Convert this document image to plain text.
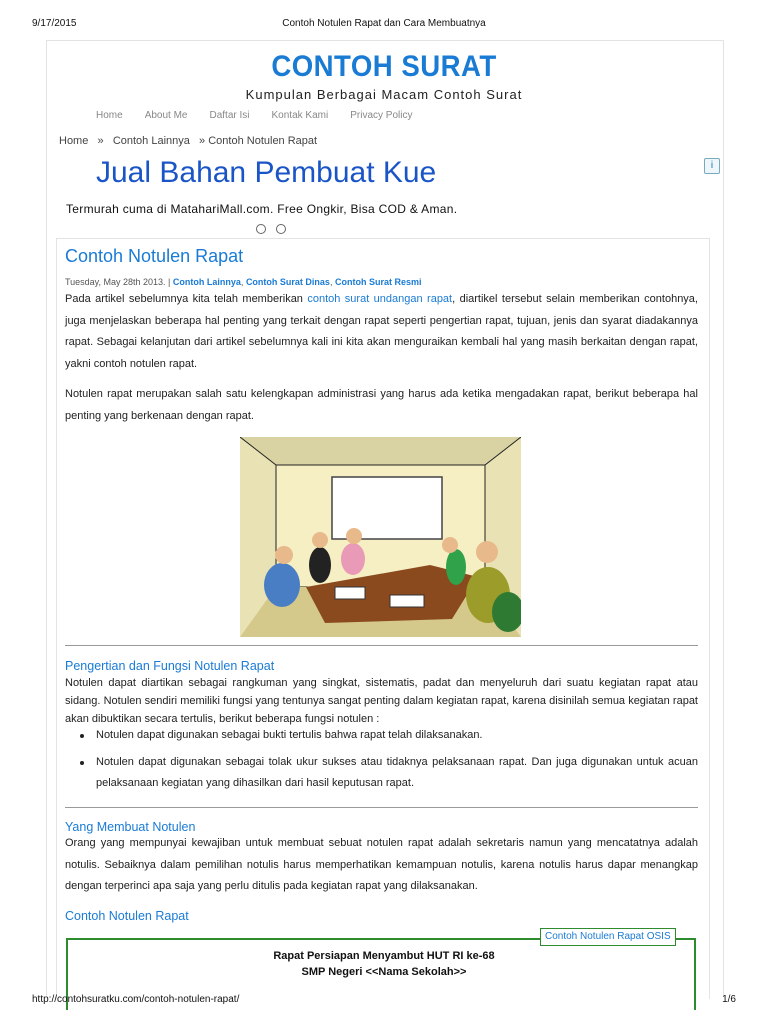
9/17/2015	Contoh Notulen Rapat dan Cara Membuatnya
CONTOH SURAT
Kumpulan Berbagai Macam Contoh Surat
Home About Me Daftar Isi Kontak Kami Privacy Policy
Home » Contoh Lainnya » Contoh Notulen Rapat
Jual Bahan Pembuat Kue
Termurah cuma di MatahariMall.com. Free Ongkir, Bisa COD & Aman.
i
Contoh Notulen Rapat
Tuesday, May 28th 2013. | Contoh Lainnya, Contoh Surat Dinas, Contoh Surat Resmi
Pada artikel sebelumnya kita telah memberikan contoh surat undangan rapat, diartikel tersebut selain memberikan contohnya, juga menjelaskan beberapa hal penting yang terkait dengan rapat seperti pengertian rapat, tujuan, jenis dan syarat diadakannya rapat. Sebagai kelanjutan dari artikel sebelumnya kali ini kita akan menguraikan kembali hal yang masih berkaitan dengan rapat, yakni contoh notulen rapat.
Notulen rapat merupakan salah satu kelengkapan administrasi yang harus ada ketika mengadakan rapat, berikut beberapa hal penting yang berkenaan dengan rapat.
Pengertian dan Fungsi Notulen Rapat
Notulen dapat diartikan sebagai rangkuman yang singkat, sistematis, padat dan menyeluruh dari suatu kegiatan rapat atau sidang. Notulen sendiri memiliki fungsi yang tentunya sangat penting dalam kegiatan rapat, karena disinilah semua kegiatan rapat akan dibuktikan secara tertulis, berikut beberapa fungsi notulen :
Notulen dapat digunakan sebagai bukti tertulis bahwa rapat telah dilaksanakan.
Notulen dapat digunakan sebagai tolak ukur sukses atau tidaknya pelaksanaan rapat. Dan juga digunakan untuk acuan pelaksanaan kegiatan yang dihasilkan dari hasil keputusan rapat.
Yang Membuat Notulen
Orang yang mempunyai kewajiban untuk membuat sebuat notulen rapat adalah sekretaris namun yang mencatatnya adalah notulis. Sebaiknya dalam pemilihan notulis harus memperhatikan kemampuan notulis, karena notulis harus dapar menangkap dengan terperinci apa saja yang perlu ditulis pada kegiatan rapat yang dilaksanakan.
Contoh Notulen Rapat
Contoh Notulen Rapat OSIS
Rapat Persiapan Menyambut HUT RI ke-68
SMP Negeri <<Nama Sekolah>>
http://contohsuratku.com/contoh-notulen-rapat/	1/6
